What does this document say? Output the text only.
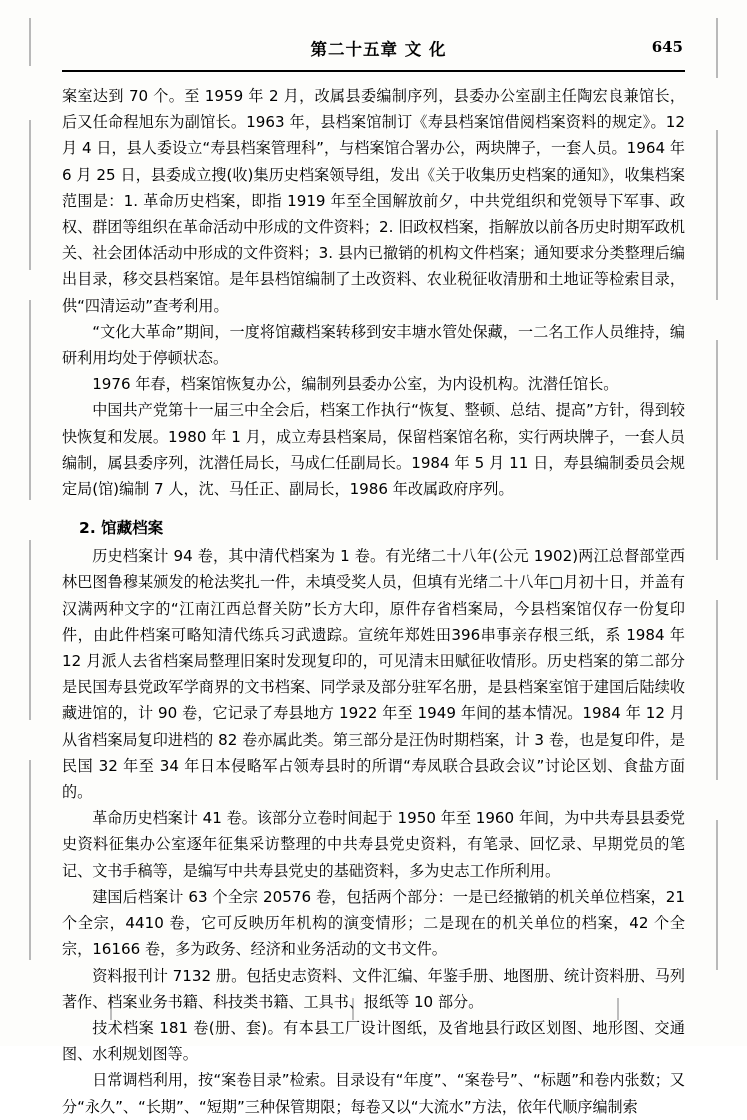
第二十五章 文 化	645

案室达到 70 个。至 1959 年 2 月，改属县委编制序列，县委办公室副主任陶宏良兼馆长，后又任命程旭东为副馆长。1963 年，县档案馆制订《寿县档案馆借阅档案资料的规定》。12 月 4 日，县人委设立“寿县档案管理科”，与档案馆合署办公，两块牌子，一套人员。1964 年 6 月 25 日，县委成立搜(收)集历史档案领导组，发出《关于收集历史档案的通知》，收集档案范围是：1. 革命历史档案，即指 1919 年至全国解放前夕，中共党组织和党领导下军事、政权、群团等组织在革命活动中形成的文件资料；2. 旧政权档案，指解放以前各历史时期军政机关、社会团体活动中形成的文件资料；3. 县内已撤销的机构文件档案；通知要求分类整理后编出目录，移交县档案馆。是年县档馆编制了土改资料、农业税征收清册和土地证等检索目录，供“四清运动”查考利用。

“文化大革命”期间，一度将馆藏档案转移到安丰塘水管处保藏，一二名工作人员维持，编研利用均处于停顿状态。

1976 年春，档案馆恢复办公，编制列县委办公室，为内设机构。沈潜任馆长。

中国共产党第十一届三中全会后，档案工作执行“恢复、整顿、总结、提高”方针，得到较快恢复和发展。1980 年 1 月，成立寿县档案局，保留档案馆名称，实行两块牌子，一套人员编制，属县委序列，沈潜任局长，马成仁任副局长。1984 年 5 月 11 日，寿县编制委员会规定局(馆)编制 7 人，沈、马任正、副局长，1986 年改属政府序列。

2. 馆藏档案

历史档案计 94 卷，其中清代档案为 1 卷。有光绪二十八年(公元 1902)两江总督部堂西林巴图鲁穆某颁发的枪法奖扎一件，未填受奖人员，但填有光绪二十八年□月初十日，并盖有汉满两种文字的“江南江西总督关防”长方大印，原件存省档案局，今县档案馆仅存一份复印件，由此件档案可略知清代练兵习武遗踪。宣统年郑姓田396串事亲存根三纸，系 1984 年 12 月派人去省档案局整理旧案时发现复印的，可见清末田赋征收情形。历史档案的第二部分是民国寿县党政军学商界的文书档案、同学录及部分驻军名册，是县档案室馆于建国后陆续收藏进馆的，计 90 卷，它记录了寿县地方 1922 年至 1949 年间的基本情况。1984 年 12 月从省档案局复印进档的 82 卷亦属此类。第三部分是汪伪时期档案，计 3 卷，也是复印件，是民国 32 年至 34 年日本侵略军占领寿县时的所谓“寿凤联合县政会议”讨论区划、食盐方面的。

革命历史档案计 41 卷。该部分立卷时间起于 1950 年至 1960 年间，为中共寿县县委党史资料征集办公室逐年征集采访整理的中共寿县党史资料，有笔录、回忆录、早期党员的笔记、文书手稿等，是编写中共寿县党史的基础资料，多为史志工作所利用。

建国后档案计 63 个全宗 20576 卷，包括两个部分：一是已经撤销的机关单位档案，21 个全宗，4410 卷，它可反映历年机构的演变情形；二是现在的机关单位的档案，42 个全宗，16166 卷，多为政务、经济和业务活动的文书文件。

资料报刊计 7132 册。包括史志资料、文件汇编、年鉴手册、地图册、统计资料册、马列著作、档案业务书籍、科技类书籍、工具书、报纸等 10 部分。

技术档案 181 卷(册、套)。有本县工厂设计图纸，及省地县行政区划图、地形图、交通图、水利规划图等。

日常调档利用，按“案卷目录”检索。目录设有“年度”、“案卷号”、“标题”和卷内张数；又分“永久”、“长期”、“短期”三种保管期限；每卷又以“大流水”方法，依年代顺序编制索
